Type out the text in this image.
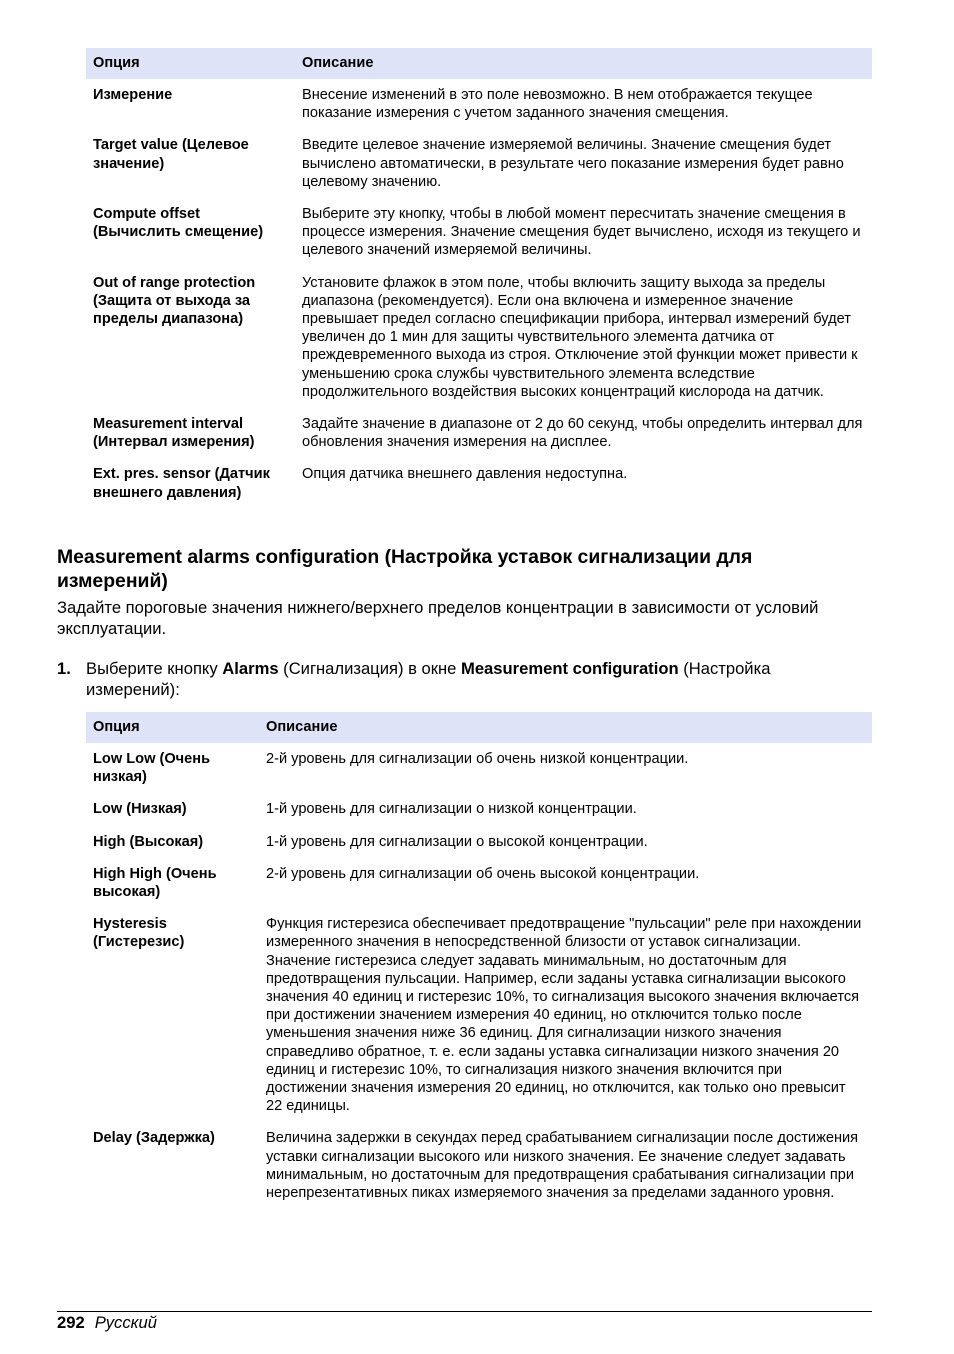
Опция	Описание
Измерение	Внесение изменений в это поле невозможно. В нем отображается текущее показание измерения с учетом заданного значения смещения.
Target value (Целевое значение)	Введите целевое значение измеряемой величины. Значение смещения будет вычислено автоматически, в результате чего показание измерения будет равно целевому значению.
Compute offset (Вычислить смещение)	Выберите эту кнопку, чтобы в любой момент пересчитать значение смещения в процессе измерения. Значение смещения будет вычислено, исходя из текущего и целевого значений измеряемой величины.
Out of range protection (Защита от выхода за пределы диапазона)	Установите флажок в этом поле, чтобы включить защиту выхода за пределы диапазона (рекомендуется). Если она включена и измеренное значение превышает предел согласно спецификации прибора, интервал измерений будет увеличен до 1 мин для защиты чувствительного элемента датчика от преждевременного выхода из строя. Отключение этой функции может привести к уменьшению срока службы чувствительного элемента вследствие продолжительного воздействия высоких концентраций кислорода на датчик.
Measurement interval (Интервал измерения)	Задайте значение в диапазоне от 2 до 60 секунд, чтобы определить интервал для обновления значения измерения на дисплее.
Ext. pres. sensor (Датчик внешнего давления)	Опция датчика внешнего давления недоступна.
Measurement alarms configuration (Настройка уставок сигнализации для измерений)

Задайте пороговые значения нижнего/верхнего пределов концентрации в зависимости от условий эксплуатации.

1. Выберите кнопку Alarms (Сигнализация) в окне Measurement configuration (Настройка измерений):
Опция	Описание
Low Low (Очень низкая)	2-й уровень для сигнализации об очень низкой концентрации.
Low (Низкая)	1-й уровень для сигнализации о низкой концентрации.
High (Высокая)	1-й уровень для сигнализации о высокой концентрации.
High High (Очень высокая)	2-й уровень для сигнализации об очень высокой концентрации.
Hysteresis (Гистерезис)	Функция гистерезиса обеспечивает предотвращение "пульсации" реле при нахождении измеренного значения в непосредственной близости от уставок сигнализации. Значение гистерезиса следует задавать минимальным, но достаточным для предотвращения пульсации. Например, если заданы уставка сигнализации высокого значения 40 единиц и гистерезис 10%, то сигнализация высокого значения включается при достижении значением измерения 40 единиц, но отключится только после уменьшения значения ниже 36 единиц. Для сигнализации низкого значения справедливо обратное, т. е. если заданы уставка сигнализации низкого значения 20 единиц и гистерезис 10%, то сигнализация низкого значения включится при достижении значения измерения 20 единиц, но отключится, как только оно превысит 22 единицы.
Delay (Задержка)	Величина задержки в секундах перед срабатыванием сигнализации после достижения уставки сигнализации высокого или низкого значения. Ее значение следует задавать минимальным, но достаточным для предотвращения срабатывания сигнализации при нерепрезентативных пиках измеряемого значения за пределами заданного уровня.
292 Русский
